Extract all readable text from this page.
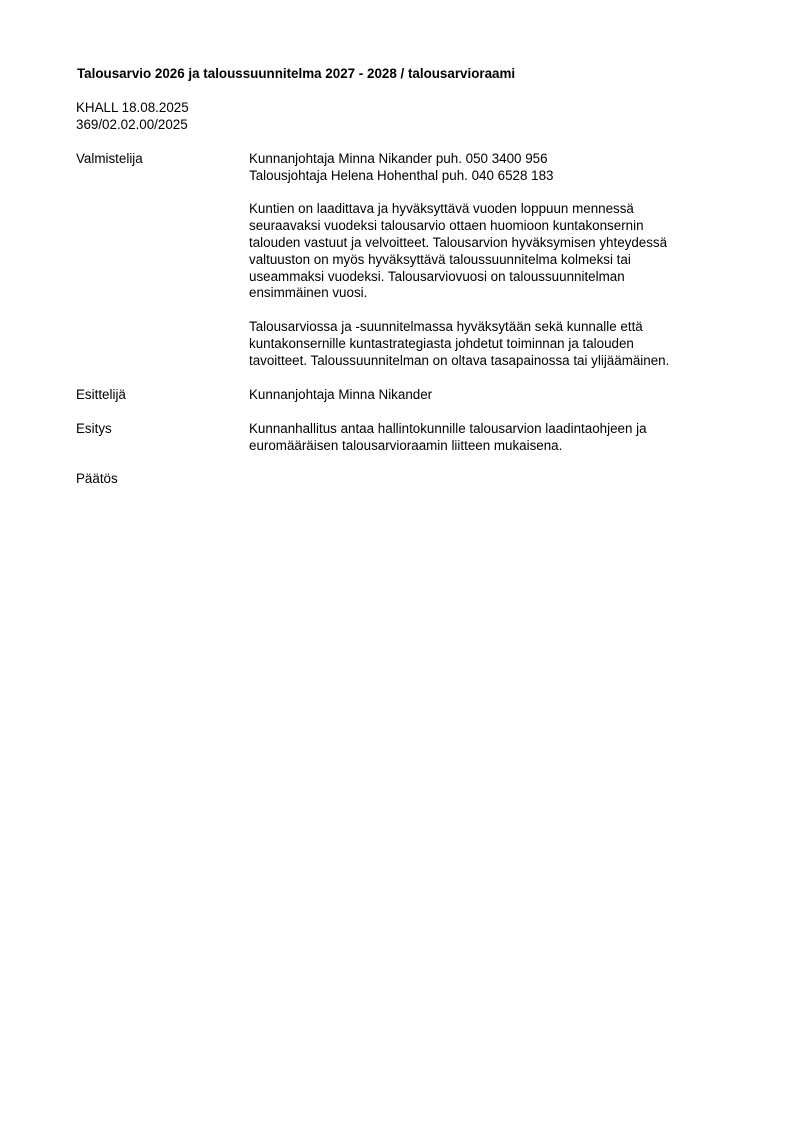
Talousarvio 2026 ja taloussuunnitelma 2027 - 2028 / talousarvioraami
KHALL 18.08.2025
369/02.02.00/2025
Valmistelija	Kunnanjohtaja Minna Nikander puh. 050 3400 956
Talousjohtaja Helena Hohenthal puh. 040 6528 183

Kuntien on laadittava ja hyväksyttävä vuoden loppuun mennessä
seuraavaksi vuodeksi talousarvio ottaen huomioon kuntakonsernin
talouden vastuut ja velvoitteet. Talousarvion hyväksymisen yhteydessä
valtuuston on myös hyväksyttävä taloussuunnitelma kolmeksi tai
useammaksi vuodeksi. Talousarviovuosi on taloussuunnitelman
ensimmäinen vuosi.

Talousarviossa ja -suunnitelmassa hyväksytään sekä kunnalle että
kuntakonsernille kuntastrategiasta johdetut toiminnan ja talouden
tavoitteet. Taloussuunnitelman on oltava tasapainossa tai ylijäämäinen.

Esittelijä	Kunnanjohtaja Minna Nikander
Esitys	Kunnanhallitus antaa hallintokunnille talousarvion laadintaohjeen ja
euromääräisen talousarvioraamin liitteen mukaisena.
Päätös
